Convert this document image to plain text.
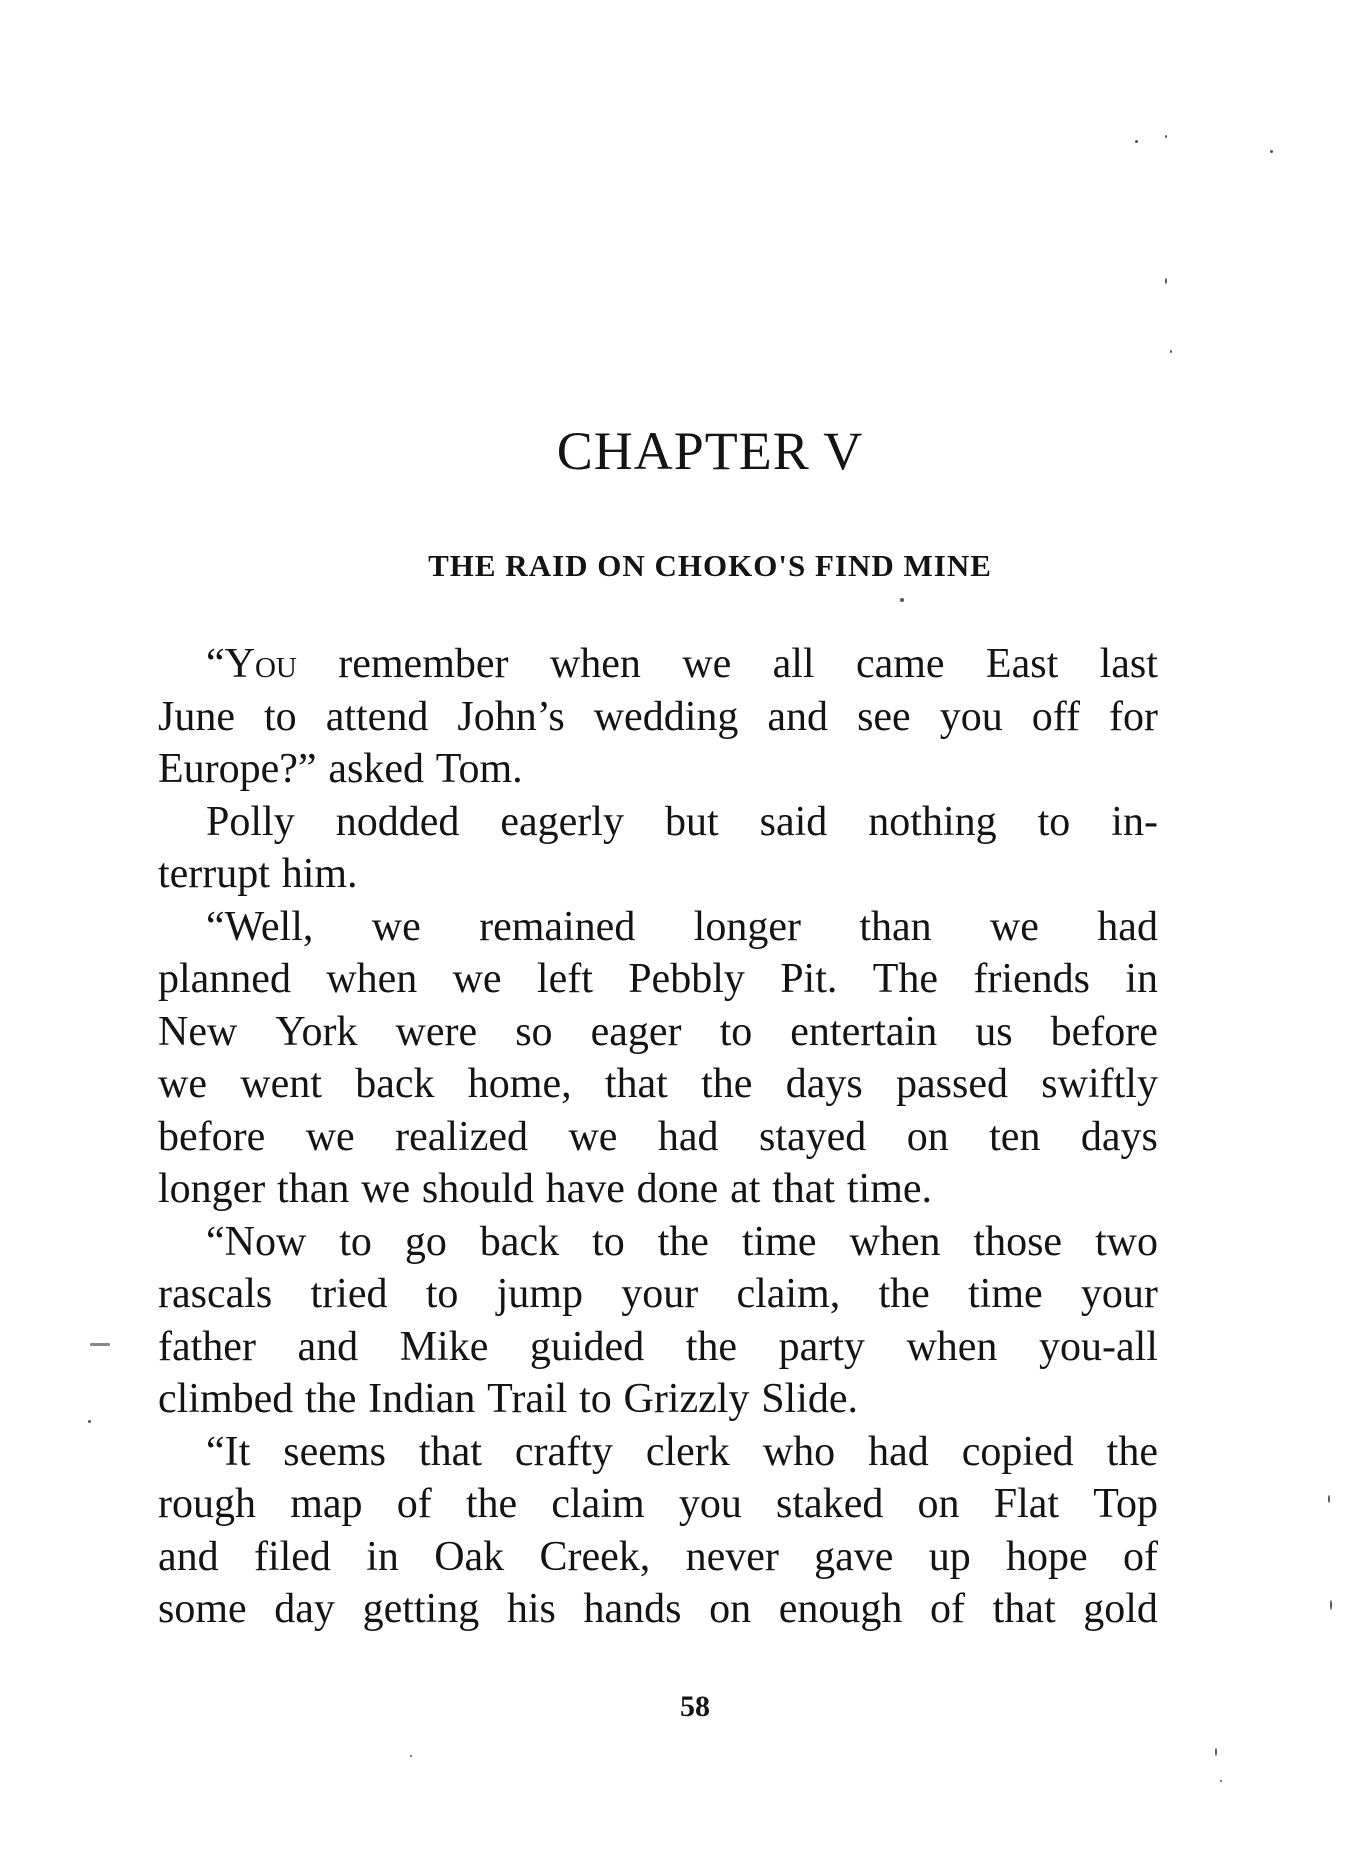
CHAPTER V
THE RAID ON CHOKO'S FIND MINE
“You remember when we all came East last
June to attend John’s wedding and see you off for
Europe?” asked Tom.
Polly nodded eagerly but said nothing to in-
terrupt him.
“Well, we remained longer than we had
planned when we left Pebbly Pit. The friends in
New York were so eager to entertain us before
we went back home, that the days passed swiftly
before we realized we had stayed on ten days
longer than we should have done at that time.
“Now to go back to the time when those two
rascals tried to jump your claim, the time your
father and Mike guided the party when you-all
climbed the Indian Trail to Grizzly Slide.
“It seems that crafty clerk who had copied the
rough map of the claim you staked on Flat Top
and filed in Oak Creek, never gave up hope of
some day getting his hands on enough of that gold
58
